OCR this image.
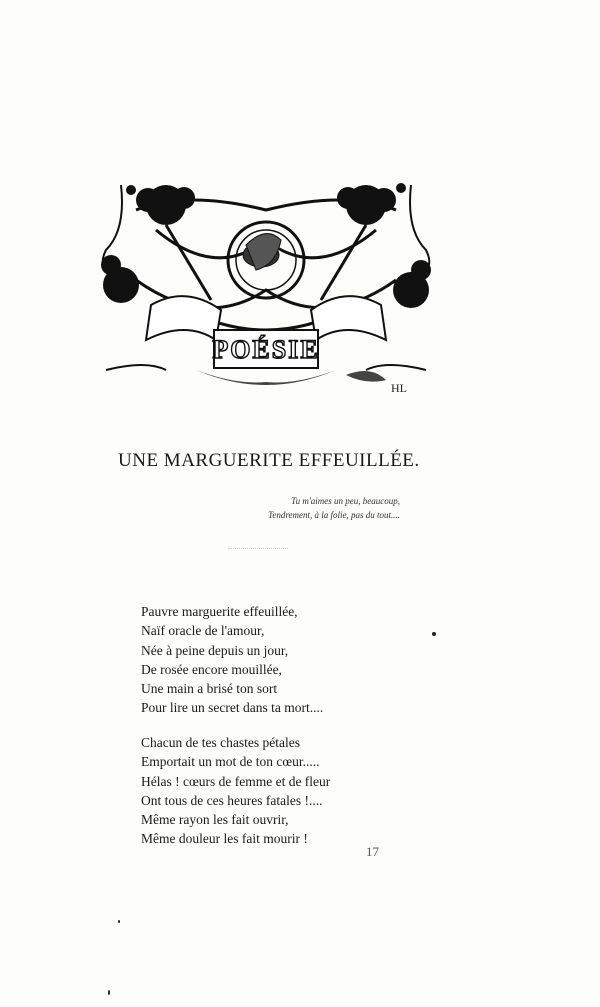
POÉSIE
HL
UNE MARGUERITE EFFEUILLÉE.
Tu m'aimes un peu, beaucoup,
Tendrement, à la folie, pas du tout....
Pauvre marguerite effeuillée,
Naïf oracle de l'amour,
Née à peine depuis un jour,
De rosée encore mouillée,
Une main a brisé ton sort
Pour lire un secret dans ta mort....
Chacun de tes chastes pétales
Emportait un mot de ton cœur.....
Hélas ! cœurs de femme et de fleur
Ont tous de ces heures fatales !....
Même rayon les fait ouvrir,
Même douleur les fait mourir !
17
